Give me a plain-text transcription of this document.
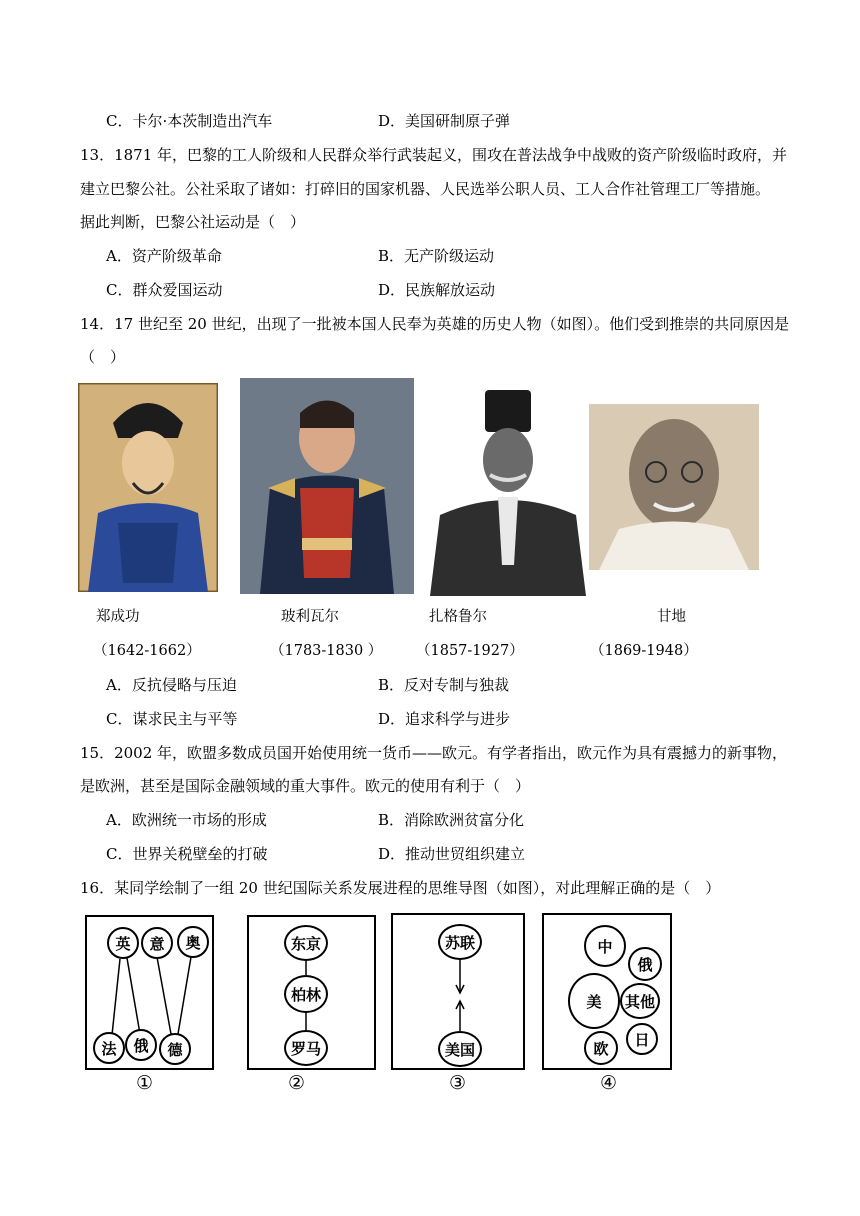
C．卡尔·本茨制造出汽车	D．美国研制原子弹
13．1871 年，巴黎的工人阶级和人民群众举行武装起义，围攻在普法战争中战败的资产阶级临时政府，并
建立巴黎公社。公社采取了诸如：打碎旧的国家机器、人民选举公职人员、工人合作社管理工厂等措施。
据此判断，巴黎公社运动是（　）
A．资产阶级革命	B．无产阶级运动
C．群众爱国运动	D．民族解放运动
14．17 世纪至 20 世纪，出现了一批被本国人民奉为英雄的历史人物（如图）。他们受到推崇的共同原因是
（　）
郑成功	玻利瓦尔	扎格鲁尔	甘地
（1642-1662）	（1783-1830 ） （1857-1927）	（1869-1948）
A．反抗侵略与压迫	B．反对专制与独裁
C．谋求民主与平等	D．追求科学与进步
15．2002 年，欧盟多数成员国开始使用统一货币——欧元。有学者指出，欧元作为具有震撼力的新事物，
是欧洲，甚至是国际金融领域的重大事件。欧元的使用有利于（　）
A．欧洲统一市场的形成	B．消除欧洲贫富分化
C．世界关税壁垒的打破	D．推动世贸组织建立
16．某同学绘制了一组 20 世纪国际关系发展进程的思维导图（如图），对此理解正确的是（　）
英	意	奥
法	俄	德
①
东京
柏林
罗马
②
苏联
美国
③
中
俄
美	其他
欧	日
④
